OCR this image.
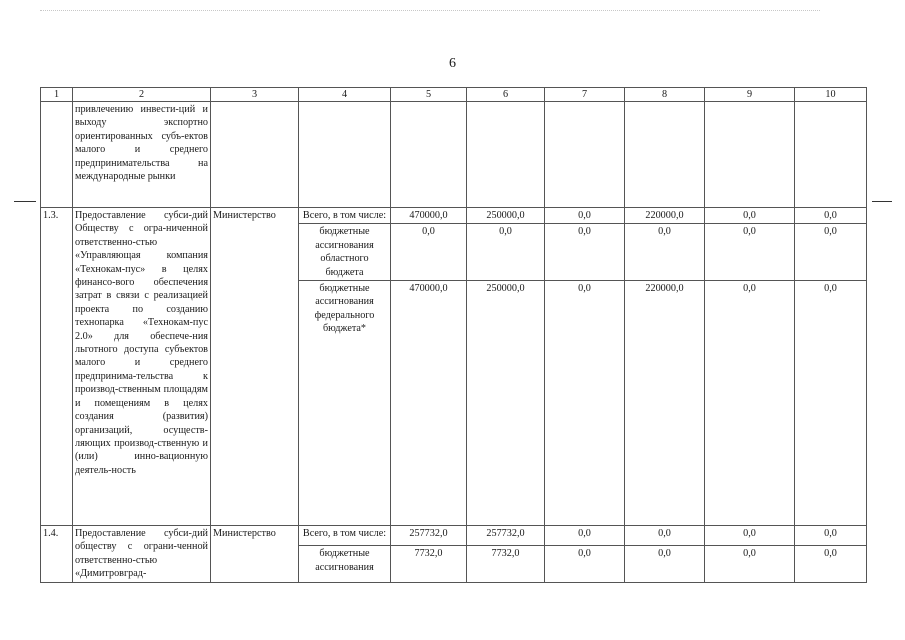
6
1	2	3	4	5	6	7	8	9	10
	привлечению инвести-ций и выходу экспортно ориентированных субъ-ектов малого и среднего предпринимательства на международные рынки								
1.3.	Предоставление субси-дий Обществу с огра-ниченной ответственно-стью «Управляющая компания «Технокам-пус» в целях финансо-вого обеспечения затрат в связи с реализацией проекта по созданию технопарка «Технокам-пус 2.0» для обеспече-ния льготного доступа субъектов малого и среднего предпринима-тельства к производ-ственным площадям и помещениям в целях создания (развития) организаций, осуществ-ляющих производ-ственную и (или) инно-вационную деятель-ность	Министерство	Всего, в том числе:	470000,0	250000,0	0,0	220000,0	0,0	0,0
			бюджетные ассигнования областного бюджета	0,0	0,0	0,0	0,0	0,0	0,0
			бюджетные ассигнования федерального бюджета*	470000,0	250000,0	0,0	220000,0	0,0	0,0
1.4.	Предоставление субси-дий обществу с ограни-ченной ответственно-стью «Димитровград-	Министерство	Всего, в том числе:	257732,0	257732,0	0,0	0,0	0,0	0,0
			бюджетные ассигнования	7732,0	7732,0	0,0	0,0	0,0	0,0
